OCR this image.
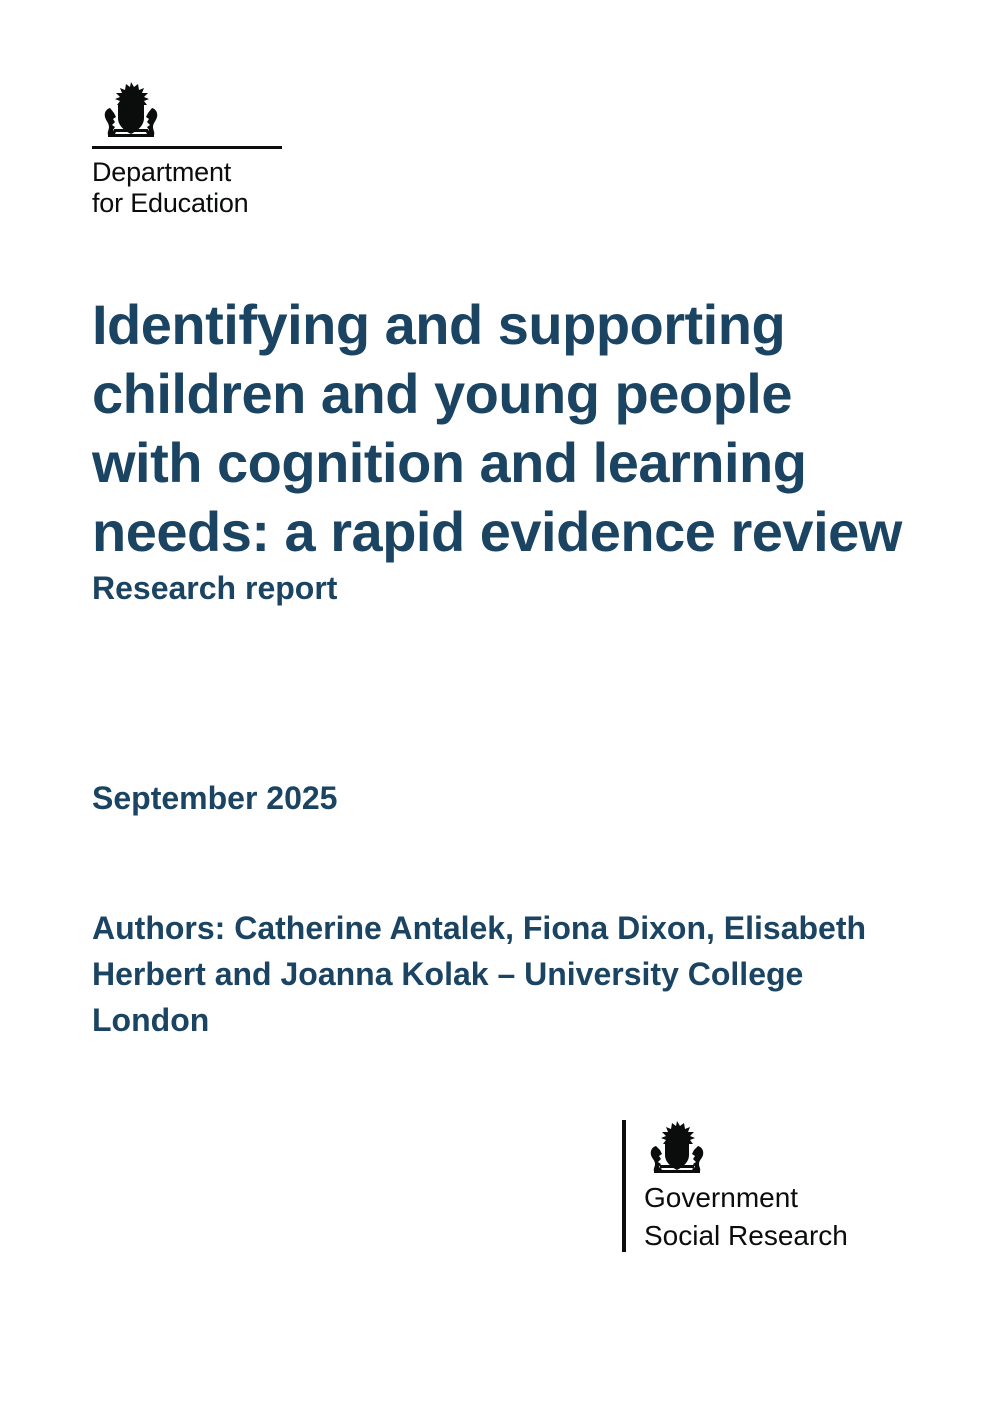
Department
for Education
Identifying and supporting children and young people with cognition and learning needs: a rapid evidence review
Research report
September 2025
Authors: Catherine Antalek, Fiona Dixon, Elisabeth Herbert and Joanna Kolak – University College London
Government
Social Research
